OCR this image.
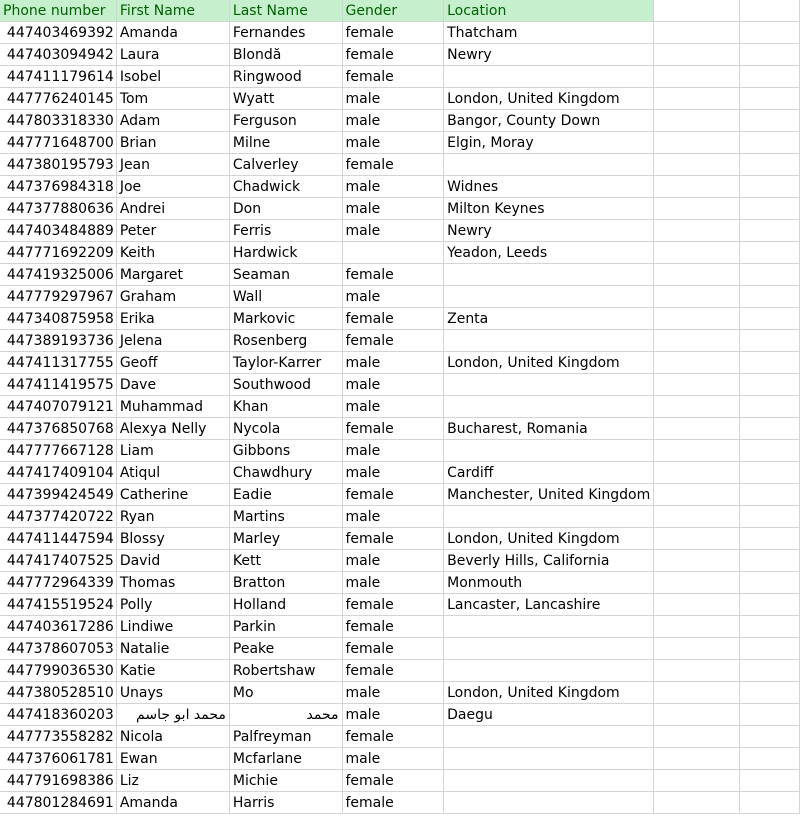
Phone number	First Name	Last Name	Gender	Location		
447403469392	Amanda	Fernandes	female	Thatcham		
447403094942	Laura	Blondă	female	Newry		
447411179614	Isobel	Ringwood	female			
447776240145	Tom	Wyatt	male	London, United Kingdom		
447803318330	Adam	Ferguson	male	Bangor, County Down		
447771648700	Brian	Milne	male	Elgin, Moray		
447380195793	Jean	Calverley	female			
447376984318	Joe	Chadwick	male	Widnes		
447377880636	Andrei	Don	male	Milton Keynes		
447403484889	Peter	Ferris	male	Newry		
447771692209	Keith	Hardwick		Yeadon, Leeds		
447419325006	Margaret	Seaman	female			
447779297967	Graham	Wall	male			
447340875958	Erika	Markovic	female	Zenta		
447389193736	Jelena	Rosenberg	female			
447411317755	Geoff	Taylor-Karrer	male	London, United Kingdom		
447411419575	Dave	Southwood	male			
447407079121	Muhammad	Khan	male			
447376850768	Alexya Nelly	Nycola	female	Bucharest, Romania		
447777667128	Liam	Gibbons	male			
447417409104	Atiqul	Chawdhury	male	Cardiff		
447399424549	Catherine	Eadie	female	Manchester, United Kingdom		
447377420722	Ryan	Martins	male			
447411447594	Blossy	Marley	female	London, United Kingdom		
447417407525	David	Kett	male	Beverly Hills, California		
447772964339	Thomas	Bratton	male	Monmouth		
447415519524	Polly	Holland	female	Lancaster, Lancashire		
447403617286	Lindiwe	Parkin	female			
447378607053	Natalie	Peake	female			
447799036530	Katie	Robertshaw	female			
447380528510	Unays	Mo	male	London, United Kingdom		
447418360203	محمد ابو جاسم	محمد	male	Daegu		
447773558282	Nicola	Palfreyman	female			
447376061781	Ewan	Mcfarlane	male			
447791698386	Liz	Michie	female			
447801284691	Amanda	Harris	female			
